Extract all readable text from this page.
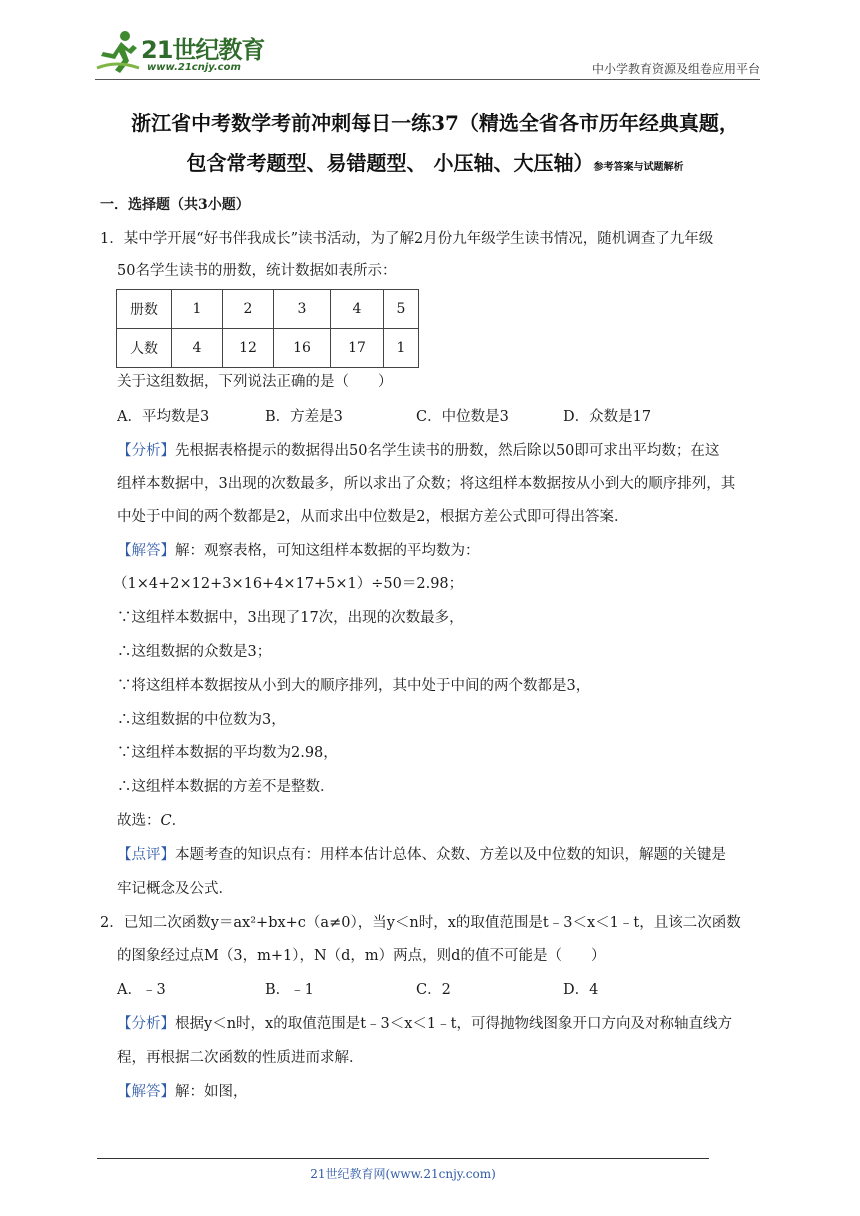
21世纪教育
www.21cnjy.com	中小学教育资源及组卷应用平台
浙江省中考数学考前冲刺每日一练37（精选全省各市历年经典真题，
包含常考题型、易错题型、 小压轴、大压轴）参考答案与试题解析
一．选择题（共3小题）
1．某中学开展“好书伴我成长”读书活动，为了解2月份九年级学生读书情况，随机调查了九年级
50名学生读书的册数，统计数据如表所示：
册数	1	2	3	4	5
人数	4	12	16	17	1
关于这组数据，下列说法正确的是（　　）
A．平均数是3	B．方差是3	C．中位数是3	D．众数是17
【分析】先根据表格提示的数据得出50名学生读书的册数，然后除以50即可求出平均数；在这
组样本数据中，3出现的次数最多，所以求出了众数；将这组样本数据按从小到大的顺序排列，其
中处于中间的两个数都是2，从而求出中位数是2，根据方差公式即可得出答案．
【解答】解：观察表格，可知这组样本数据的平均数为：
（1×4+2×12+3×16+4×17+5×1）÷50＝2.98；
∵这组样本数据中，3出现了17次，出现的次数最多，
∴这组数据的众数是3；
∵将这组样本数据按从小到大的顺序排列，其中处于中间的两个数都是3，
∴这组数据的中位数为3，
∵这组样本数据的平均数为2.98，
∴这组样本数据的方差不是整数．
故选：C．
【点评】本题考查的知识点有：用样本估计总体、众数、方差以及中位数的知识，解题的关键是
牢记概念及公式．
2．已知二次函数y＝ax²+bx+c（a≠0），当y＜n时，x的取值范围是t﹣3＜x＜1﹣t，且该二次函数
的图象经过点M（3，m+1），N（d，m）两点，则d的值不可能是（　　）
A．﹣3	B．﹣1	C．2	D．4
【分析】根据y＜n时，x的取值范围是t﹣3＜x＜1﹣t，可得抛物线图象开口方向及对称轴直线方
程，再根据二次函数的性质进而求解．
【解答】解：如图，
21世纪教育网(www.21cnjy.com)
